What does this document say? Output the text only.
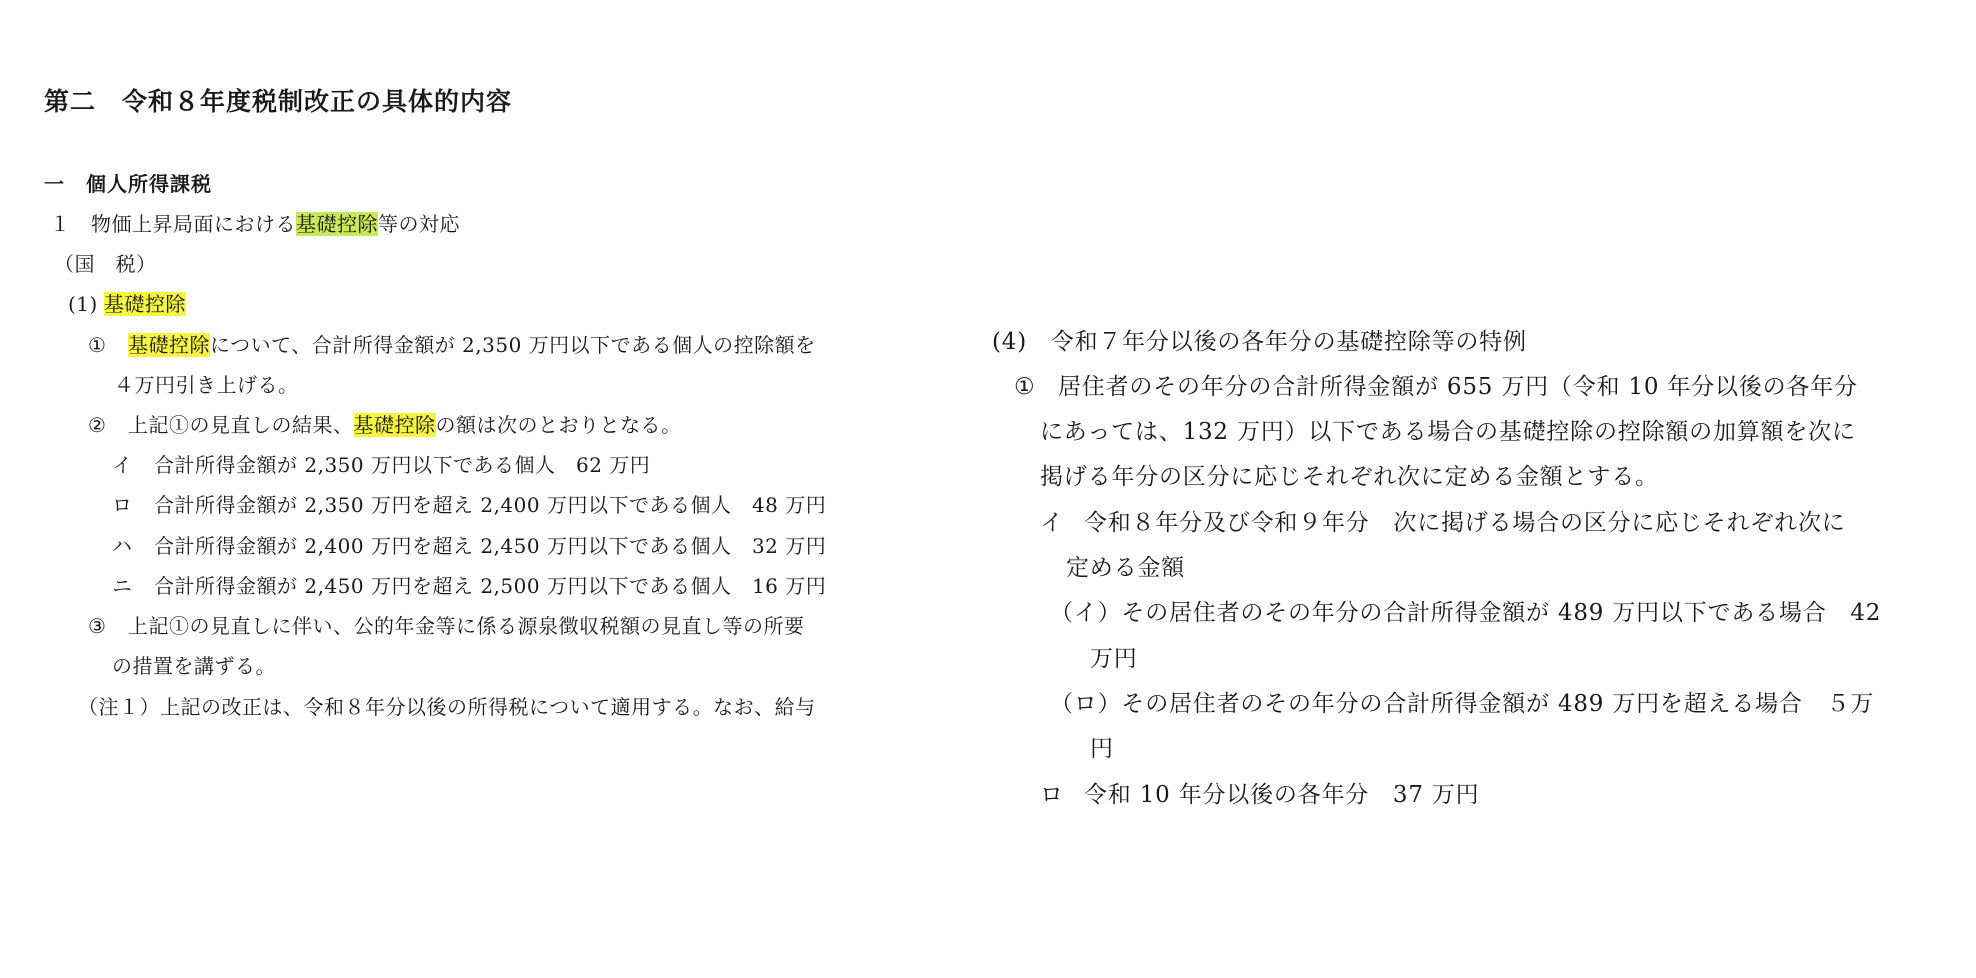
第二　令和８年度税制改正の具体的内容
一　個人所得課税
１　物価上昇局面における基礎控除等の対応
（国　税）
(1) 基礎控除
① 基礎控除について、合計所得金額が 2,350 万円以下である個人の控除額を
４万円引き上げる。
② 上記①の見直しの結果、基礎控除の額は次のとおりとなる。
イ 合計所得金額が 2,350 万円以下である個人　62 万円
ロ 合計所得金額が 2,350 万円を超え 2,400 万円以下である個人　48 万円
ハ 合計所得金額が 2,400 万円を超え 2,450 万円以下である個人　32 万円
ニ 合計所得金額が 2,450 万円を超え 2,500 万円以下である個人　16 万円
③ 上記①の見直しに伴い、公的年金等に係る源泉徴収税額の見直し等の所要
の措置を講ずる。
（注１）上記の改正は、令和８年分以後の所得税について適用する。なお、給与
(4)　令和７年分以後の各年分の基礎控除等の特例
① 居住者のその年分の合計所得金額が 655 万円（令和 10 年分以後の各年分
にあっては、132 万円）以下である場合の基礎控除の控除額の加算額を次に
掲げる年分の区分に応じそれぞれ次に定める金額とする。
イ 令和８年分及び令和９年分　次に掲げる場合の区分に応じそれぞれ次に
定める金額
（イ）その居住者のその年分の合計所得金額が 489 万円以下である場合　42
万円
（ロ）その居住者のその年分の合計所得金額が 489 万円を超える場合　５万
円
ロ 令和 10 年分以後の各年分　37 万円
